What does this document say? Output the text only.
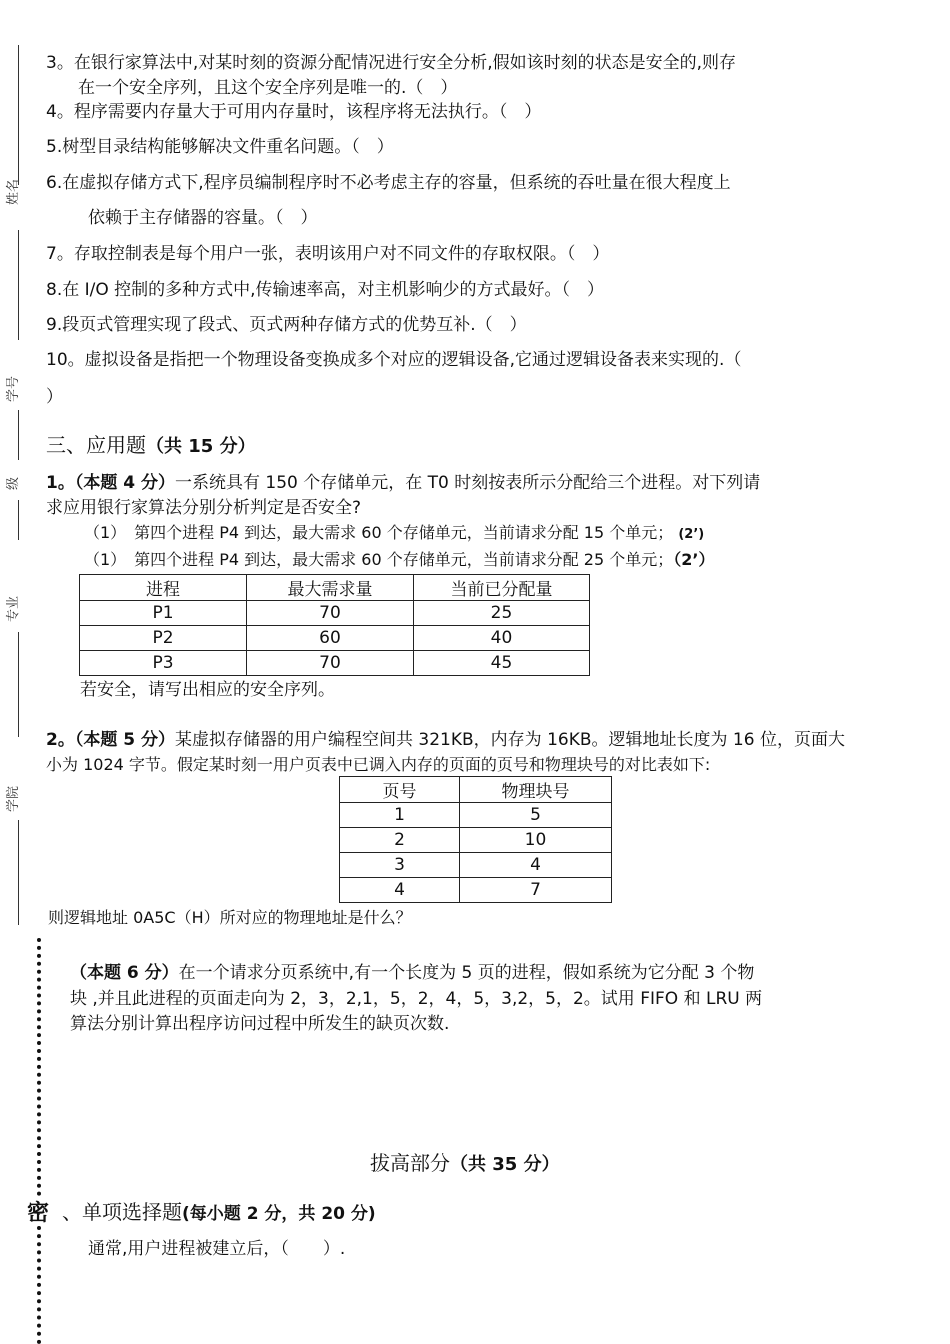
姓名
学号
级
专业
学院
密
3。在银行家算法中,对某时刻的资源分配情况进行安全分析,假如该时刻的状态是安全的,则存
在一个安全序列，且这个安全序列是唯一的.（　）
4。程序需要内存量大于可用内存量时，该程序将无法执行。（　）
5.树型目录结构能够解决文件重名问题。（　）
6.在虚拟存储方式下,程序员编制程序时不必考虑主存的容量，但系统的吞吐量在很大程度上
依赖于主存储器的容量。（　）
7。存取控制表是每个用户一张，表明该用户对不同文件的存取权限。（　）
8.在 I/O 控制的多种方式中,传输速率高，对主机影响少的方式最好。（　）
9.段页式管理实现了段式、页式两种存储方式的优势互补.（　）
10。虚拟设备是指把一个物理设备变换成多个对应的逻辑设备,它通过逻辑设备表来实现的.（
）
三、应用题（共 15 分）
1。（本题 4 分）一系统具有 150 个存储单元，在 T0 时刻按表所示分配给三个进程。对下列请
求应用银行家算法分别分析判定是否安全?
（1）　第四个进程 P4 到达，最大需求 60 个存储单元，当前请求分配 15 个单元； (2’)
（1）　第四个进程 P4 到达，最大需求 60 个存储单元，当前请求分配 25 个单元；（2’）
进程	最大需求量	当前已分配量
P1	70	25
P2	60	40
P3	70	45
若安全，请写出相应的安全序列。
2。（本题 5 分）某虚拟存储器的用户编程空间共 321KB，内存为 16KB。逻辑地址长度为 16 位，页面大
小为 1024 字节。假定某时刻一用户页表中已调入内存的页面的页号和物理块号的对比表如下:
页号	物理块号
1	5
2	10
3	4
4	7
则逻辑地址 0A5C（H）所对应的物理地址是什么？
（本题 6 分）在一个请求分页系统中,有一个长度为 5 页的进程，假如系统为它分配 3 个物
块 ,并且此进程的页面走向为 2，3，2,1，5，2，4，5，3,2，5，2。试用 FIFO 和 LRU 两
算法分别计算出程序访问过程中所发生的缺页次数.
拔高部分（共 35 分）
、单项选择题(每小题 2 分，共 20 分)
通常,用户进程被建立后，（　　）.
